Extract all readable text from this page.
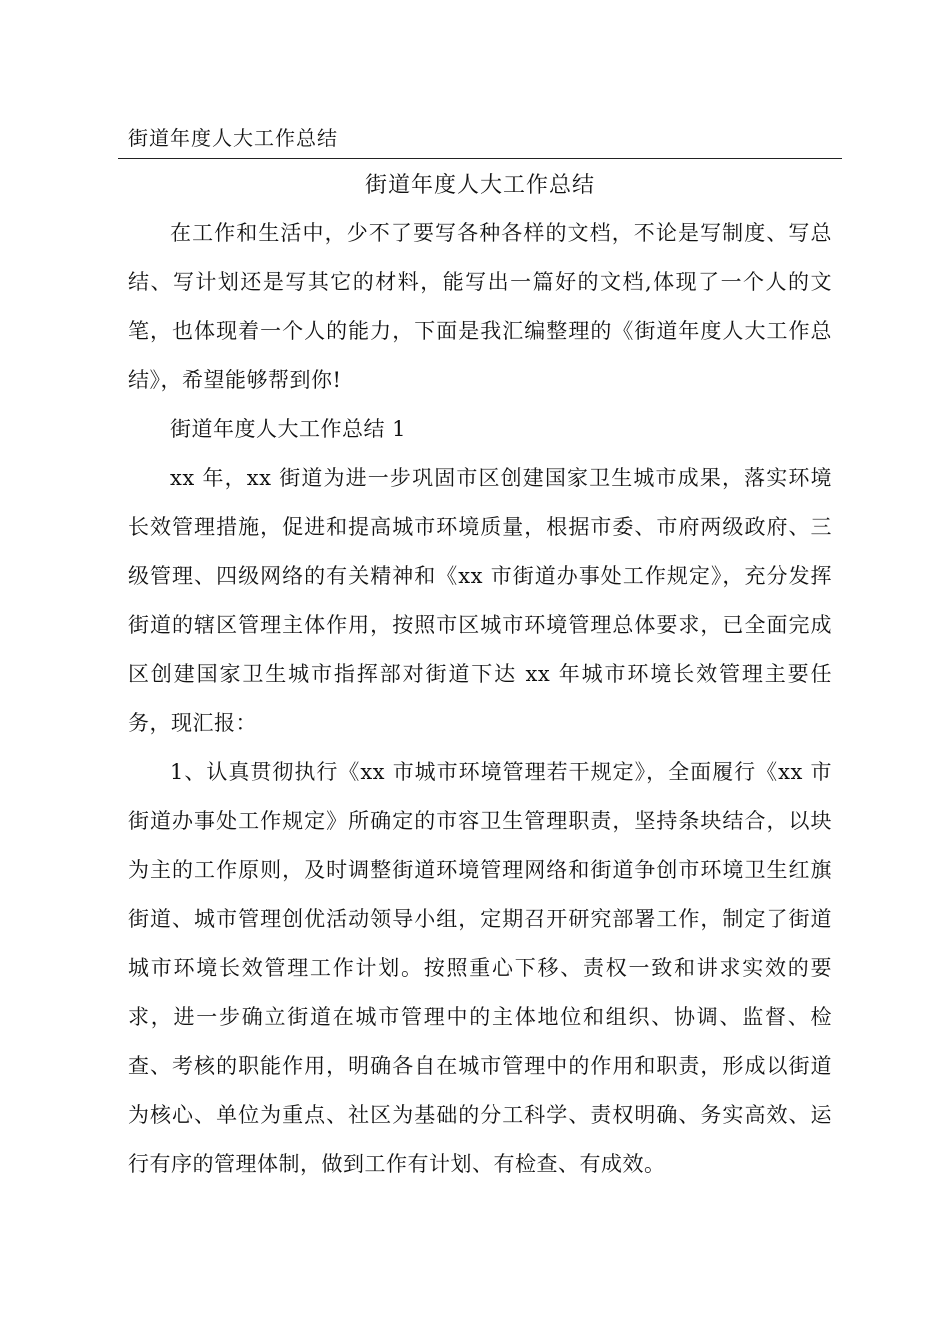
街道年度人大工作总结
街道年度人大工作总结

在工作和生活中，少不了要写各种各样的文档，不论是写制度、写总结、写计划还是写其它的材料，能写出一篇好的文档,体现了一个人的文笔，也体现着一个人的能力，下面是我汇编整理的《街道年度人大工作总结》，希望能够帮到你!

街道年度人大工作总结 1

xx 年，xx 街道为进一步巩固市区创建国家卫生城市成果，落实环境长效管理措施，促进和提高城市环境质量，根据市委、市府两级政府、三级管理、四级网络的有关精神和《xx 市街道办事处工作规定》，充分发挥街道的辖区管理主体作用，按照市区城市环境管理总体要求，已全面完成区创建国家卫生城市指挥部对街道下达 xx 年城市环境长效管理主要任务，现汇报：

1、认真贯彻执行《xx 市城市环境管理若干规定》，全面履行《xx 市街道办事处工作规定》所确定的市容卫生管理职责，坚持条块结合，以块为主的工作原则，及时调整街道环境管理网络和街道争创市环境卫生红旗街道、城市管理创优活动领导小组，定期召开研究部署工作，制定了街道城市环境长效管理工作计划。按照重心下移、责权一致和讲求实效的要求，进一步确立街道在城市管理中的主体地位和组织、协调、监督、检查、考核的职能作用，明确各自在城市管理中的作用和职责，形成以街道为核心、单位为重点、社区为基础的分工科学、责权明确、务实高效、运行有序的管理体制，做到工作有计划、有检查、有成效。
